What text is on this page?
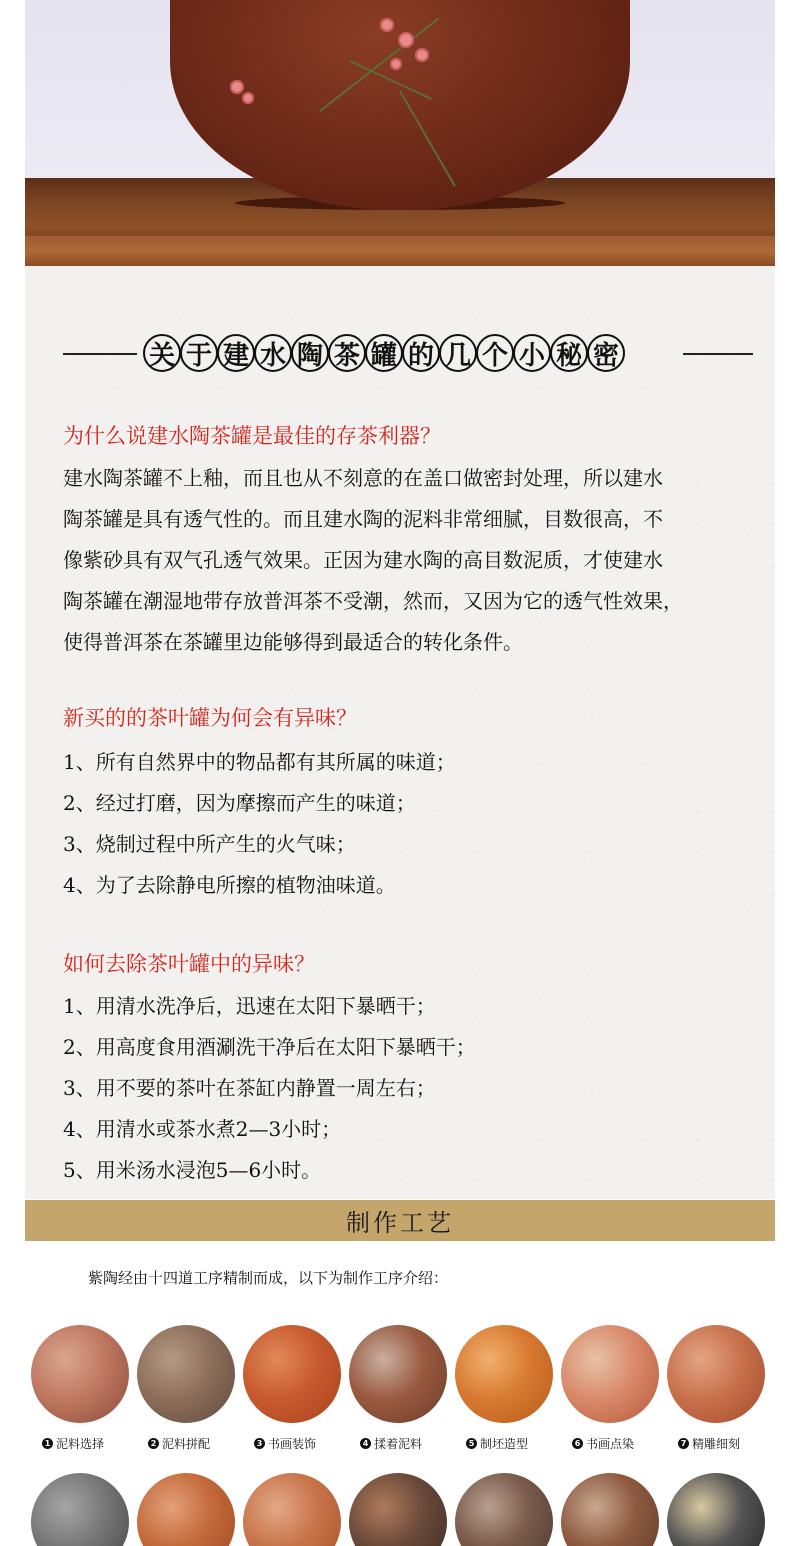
关 于 建 水 陶 茶 罐 的 几 个 小 秘 密
为什么说建水陶茶罐是最佳的存茶利器？
建水陶茶罐不上釉，而且也从不刻意的在盖口做密封处理，所以建水
陶茶罐是具有透气性的。而且建水陶的泥料非常细腻，目数很高，不
像紫砂具有双气孔透气效果。正因为建水陶的高目数泥质，才使建水
陶茶罐在潮湿地带存放普洱茶不受潮，然而，又因为它的透气性效果，
使得普洱茶在茶罐里边能够得到最适合的转化条件。
新买的的茶叶罐为何会有异味？
1、所有自然界中的物品都有其所属的味道；
2、经过打磨，因为摩擦而产生的味道；
3、烧制过程中所产生的火气味；
4、为了去除静电所擦的植物油味道。
如何去除茶叶罐中的异味？
1、用清水洗净后，迅速在太阳下暴晒干；
2、用高度食用酒涮洗干净后在太阳下暴晒干；
3、用不要的茶叶在茶缸内静置一周左右；
4、用清水或茶水煮2—3小时；
5、用米汤水浸泡5—6小时。
制作工艺
紫陶经由十四道工序精制而成，以下为制作工序介绍：
1 泥料选择	2 泥料拼配	3 书画装饰	4 揉着泥料	5 制坯造型	6 书画点染	7 精雕细刻
